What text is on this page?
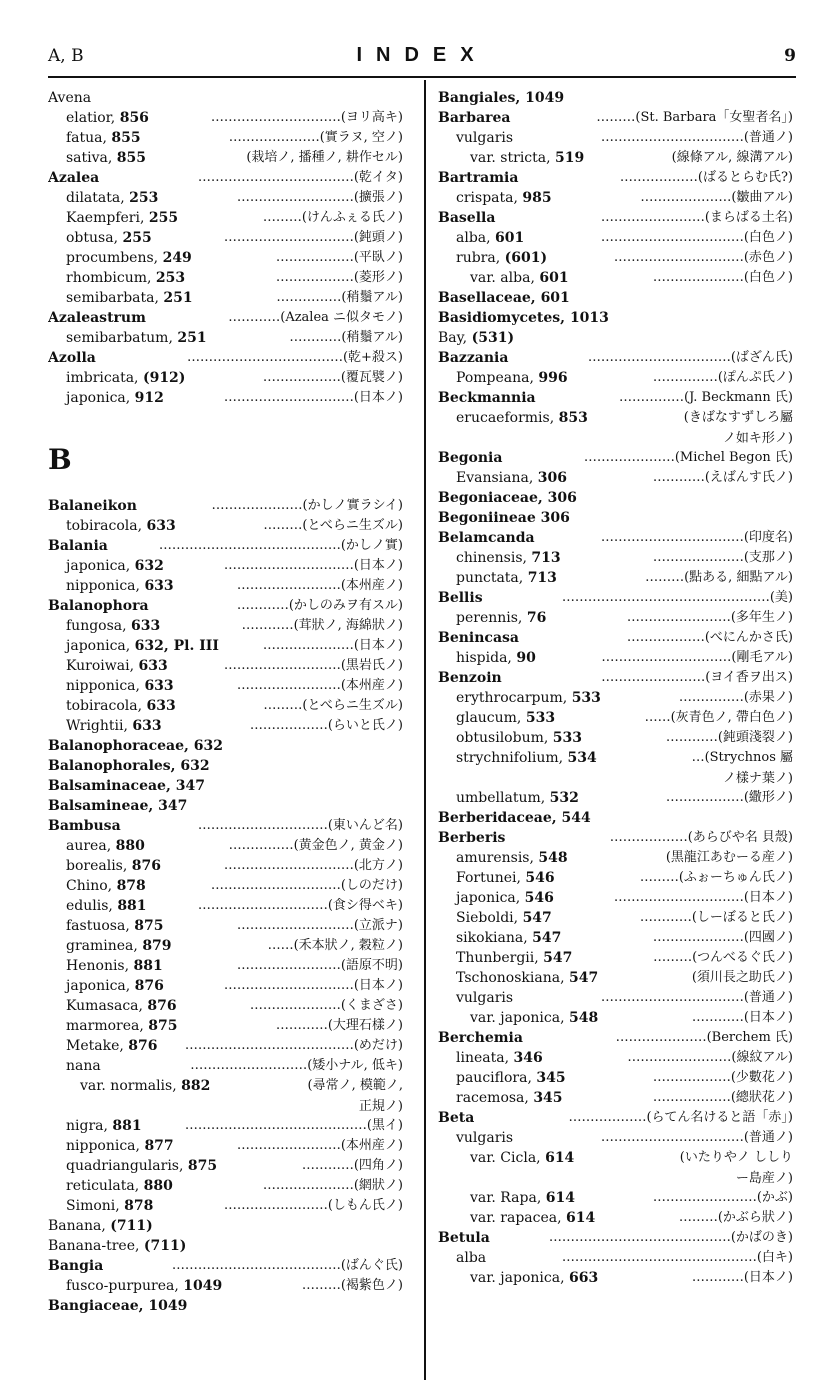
A, B	INDEX	9
Avena
elatior, 856	…………………………(ヨリ高キ)
fatua, 855	…………………(實ラヌ, 空ノ)
sativa, 855	(栽培ノ, 播種ノ, 耕作セル)
Azalea	………………………………(乾イタ)
dilatata, 253	………………………(擴張ノ)
Kaempferi, 255	………(けんふぇる氏ノ)
obtusa, 255	…………………………(鈍頭ノ)
procumbens, 249	………………(平臥ノ)
rhombicum, 253	………………(菱形ノ)
semibarbata, 251	……………(稍鬚アル)
Azaleastrum	…………(Azalea ニ似タモノ)
semibarbatum, 251	…………(稍鬚アル)
Azolla	………………………………(乾+殺ス)
imbricata, (912)	………………(覆瓦襞ノ)
japonica, 912	…………………………(日本ノ)
B
Balaneikon	…………………(かしノ實ラシイ)
tobiracola, 633	………(とべらニ生ズル)
Balania	……………………………………(かしノ實)
japonica, 632	…………………………(日本ノ)
nipponica, 633	……………………(本州産ノ)
Balanophora	…………(かしのみヲ有スル)
fungosa, 633	…………(茸狀ノ, 海綿狀ノ)
japonica, 632, Pl. III	…………………(日本ノ)
Kuroiwai, 633	………………………(黒岩氏ノ)
nipponica, 633	……………………(本州産ノ)
tobiracola, 633	………(とべらニ生ズル)
Wrightii, 633	………………(らいと氏ノ)
Balanophoraceae, 632
Balanophorales, 632
Balsaminaceae, 347
Balsamineae, 347
Bambusa	…………………………(東いんど名)
aurea, 880	……………(黄金色ノ, 黄金ノ)
borealis, 876	…………………………(北方ノ)
Chino, 878	…………………………(しのだけ)
edulis, 881	…………………………(食シ得ベキ)
fastuosa, 875	………………………(立派ナ)
graminea, 879	……(禾本狀ノ, 穀粒ノ)
Henonis, 881	……………………(語原不明)
japonica, 876	…………………………(日本ノ)
Kumasaca, 876	…………………(くまざさ)
marmorea, 875	…………(大理石樣ノ)
Metake, 876 …………………………………(めだけ)
nana	………………………(矮小ナル, 低キ)
var. normalis, 882	(尋常ノ, 模範ノ,
正規ノ)
nigra, 881	……………………………………(黒イ)
nipponica, 877	……………………(本州産ノ)
quadriangularis, 875	…………(四角ノ)
reticulata, 880	…………………(網狀ノ)
Simoni, 878	……………………(しもん氏ノ)
Banana, (711)
Banana-tree, (711)
Bangia	…………………………………(ばんぐ氏)
fusco-purpurea, 1049	………(褐紫色ノ)
Bangiaceae, 1049
Bangiales, 1049
Barbarea	………(St. Barbara「女聖者名」)
vulgaris	……………………………(普通ノ)
var. stricta, 519	(線條アル, 線溝アル)
Bartramia	………………(ばるとらむ氏?)
crispata, 985	…………………(皺曲アル)
Basella	……………………(まらばる土名)
alba, 601	……………………………(白色ノ)
rubra, (601)	…………………………(赤色ノ)
var. alba, 601	…………………(白色ノ)
Basellaceae, 601
Basidiomycetes, 1013
Bay, (531)
Bazzania	……………………………(ばざん氏)
Pompeana, 996	……………(ぽんぷ氏ノ)
Beckmannia	……………(J. Beckmann 氏)
erucaeformis, 853	(きばなすずしろ屬
ノ如キ形ノ)
Begonia	…………………(Michel Begon 氏)
Evansiana, 306	…………(えばんす氏ノ)
Begoniaceae, 306
Begoniineae 306
Belamcanda	……………………………(印度名)
chinensis, 713	…………………(支那ノ)
punctata, 713	………(點ある, 細點アル)
Bellis	…………………………………………(美)
perennis, 76	……………………(多年生ノ)
Benincasa	………………(べにんかさ氏)
hispida, 90	…………………………(剛毛アル)
Benzoin	……………………(ヨイ香ヲ出ス)
erythrocarpum, 533	……………(赤果ノ)
glaucum, 533	……(灰青色ノ, 帶白色ノ)
obtusilobum, 533	…………(鈍頭淺裂ノ)
strychnifolium, 534	…(Strychnos 屬
ノ樣ナ葉ノ)
umbellatum, 532	………………(繖形ノ)
Berberidaceae, 544
Berberis	………………(あらびや名 貝殼)
amurensis, 548	(黒龍江あむーる産ノ)
Fortunei, 546	………(ふぉーちゅん氏ノ)
japonica, 546	…………………………(日本ノ)
Sieboldi, 547	…………(しーぼると氏ノ)
sikokiana, 547	…………………(四國ノ)
Thunbergii, 547	………(つんべるぐ氏ノ)
Tschonoskiana, 547	(須川長之助氏ノ)
vulgaris	……………………………(普通ノ)
var. japonica, 548	…………(日本ノ)
Berchemia	…………………(Berchem 氏)
lineata, 346	……………………(線紋アル)
pauciflora, 345	………………(少數花ノ)
racemosa, 345	………………(總狀花ノ)
Beta	………………(らてん名けると語「赤」)
vulgaris	……………………………(普通ノ)
var. Cicla, 614	(いたりやノ ししり
ー島産ノ)
var. Rapa, 614	……………………(かぶ)
var. rapacea, 614	………(かぶら狀ノ)
Betula	……………………………………(かばのき)
alba	………………………………………(白キ)
var. japonica, 663	…………(日本ノ)
